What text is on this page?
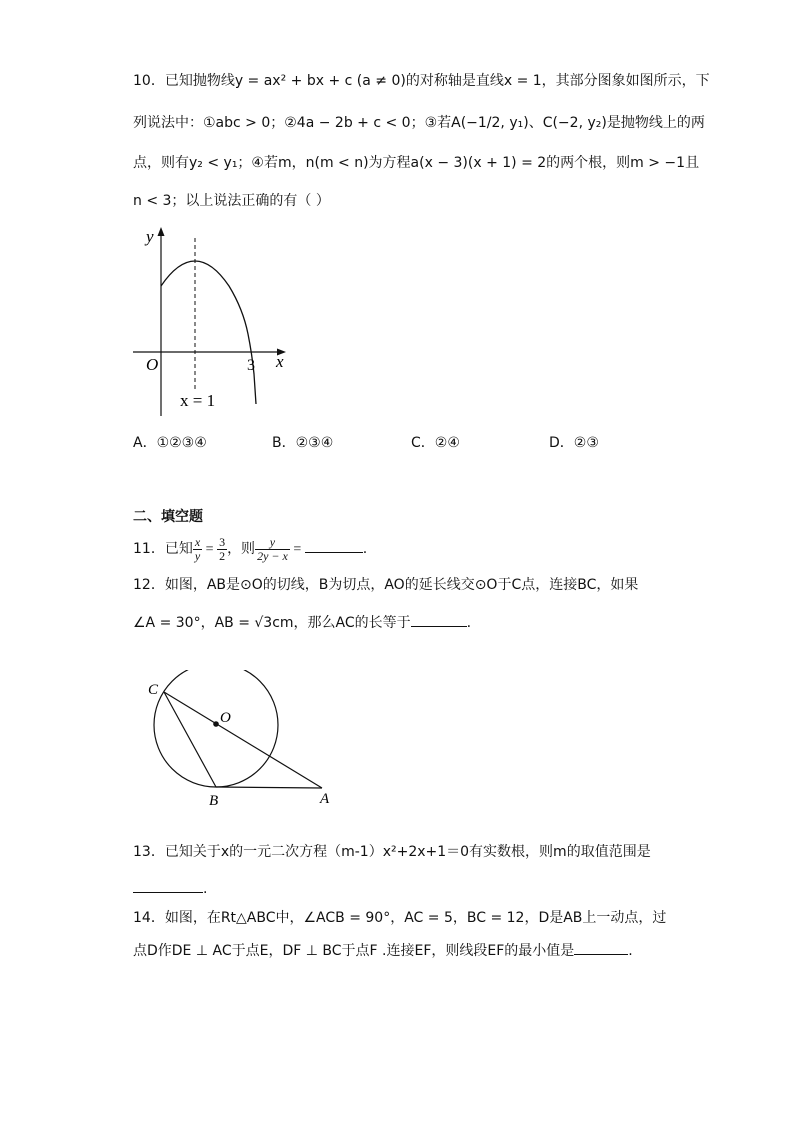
10．已知抛物线y = ax² + bx + c (a ≠ 0)的对称轴是直线x = 1，其部分图象如图所示，下
列说法中：①abc > 0；②4a − 2b + c < 0；③若A(−1/2, y₁)、C(−2, y₂)是抛物线上的两
点，则有y₂ < y₁；④若m，n(m < n)为方程a(x − 3)(x + 1) = 2的两个根，则m > −1且
n < 3；以上说法正确的有（ ）
y
x
O	3
x = 1
A．①②③④	B．②③④	C．②④	D．②③
二、填空题
11．已知 $\frac{x}{y} = \frac{3}{2}$ ，则 $\frac{y}{2y - x}$ =	.
12．如图，AB是⊙O的切线，B为切点，AO的延长线交⊙O于C点，连接BC，如果
∠A = 30°，AB = √3cm，那么AC的长等于	.
C
O
B	A
13．已知关于x的一元二次方程（m-1）x²+2x+1＝0有实数根，则m的取值范围是
.
14．如图，在Rt△ABC中，∠ACB = 90°，AC = 5，BC = 12，D是AB上一动点，过
点D作DE ⊥ AC于点E，DF ⊥ BC于点F .连接EF，则线段EF的最小值是	.
